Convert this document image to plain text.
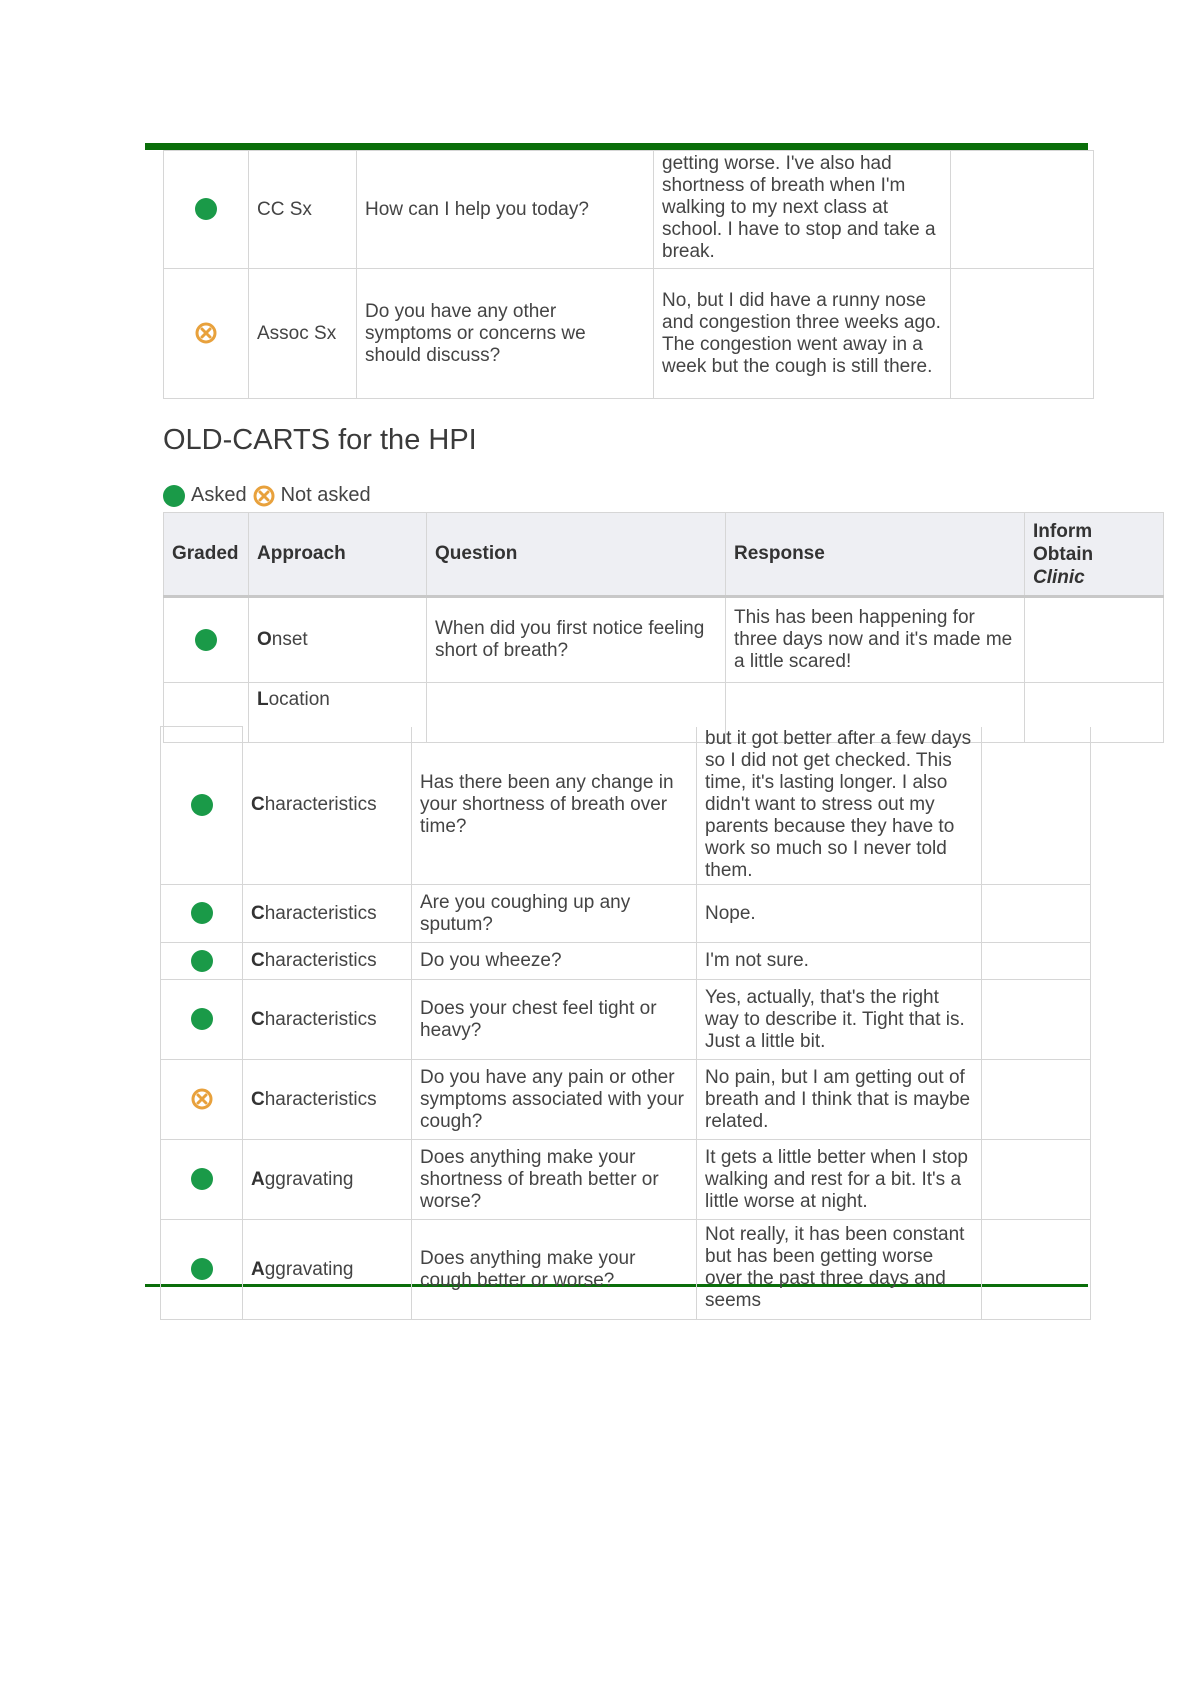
	CC Sx	How can I help you today?	getting worse. I've also had shortness of breath when I'm walking to my next class at school. I have to stop and take a break.	

	Assoc Sx	Do you have any other symptoms or concerns we should discuss?	No, but I did have a runny nose and congestion three weeks ago. The congestion went away in a week but the cough is still there.	
OLD-CARTS for the HPI
Asked Not asked
Graded	Approach	Question	Response	Inform
Obtain
Clinic

	Onset	When did you first notice feeling short of breath?	This has been happening for three days now and it's made me a little scared!	
	Location			
	Characteristics	Has there been any change in your shortness of breath over time?	but it got better after a few days so I did not get checked. This time, it's lasting longer. I also didn't want to stress out my parents because they have to work so much so I never told them.	
	Characteristics	Are you coughing up any sputum?	Nope.	
	Characteristics	Do you wheeze?	I'm not sure.	
	Characteristics	Does your chest feel tight or heavy?	Yes, actually, that's the right way to describe it. Tight that is. Just a little bit.	

	Characteristics	Do you have any pain or other symptoms associated with your cough?	No pain, but I am getting out of breath and I think that is maybe related.	
	Aggravating	Does anything make your shortness of breath better or worse?	It gets a little better when I stop walking and rest for a bit. It's a little worse at night.	
	Aggravating	Does anything make your cough better or worse?	Not really, it has been constant but has been getting worse over the past three days and seems	
